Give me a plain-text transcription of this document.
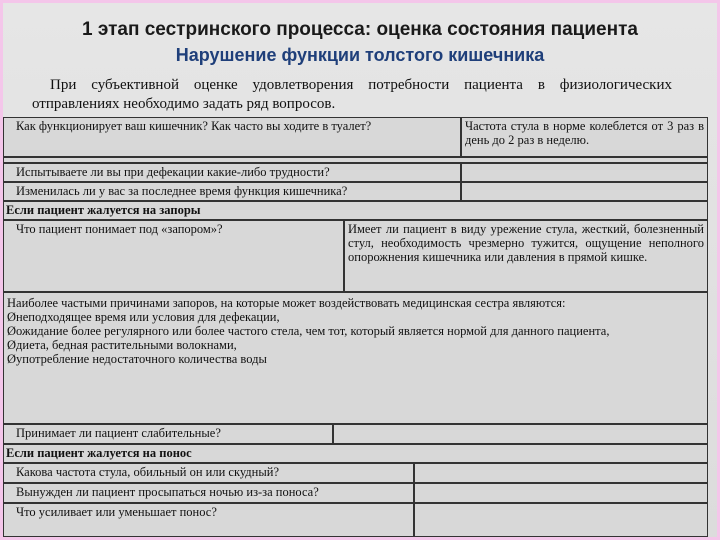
1 этап сестринского процесса: оценка состояния пациента
Нарушение функции толстого кишечника
При субъективной оценке удовлетворения потребности пациента в физиологических отправлениях необходимо задать ряд вопросов.
Как функционирует ваш кишечник? Как часто вы ходите в туалет?	Частота стула в норме колеблется от 3 раз в день до 2 раз в неделю.
Испытываете ли вы при дефекации какие-либо трудности?
Изменилась ли у вас за последнее время функция кишечника?
Если пациент жалуется на запоры
Что пациент понимает под «запором»?	Имеет ли пациент в виду урежение стула, жесткий, болезненный стул, необходимость чрезмерно тужится, ощущение неполного опорожнения кишечника или давления в прямой кишке.
Наиболее частыми причинами запоров, на которые может воздействовать медицинская сестра являются:
Øнеподходящее время или условия для дефекации,
Øожидание более регулярного или более частого стела, чем тот, который является нормой для данного пациента,
Øдиета, бедная растительными волокнами,
Øупотребление недостаточного количества воды
Принимает ли пациент слабительные?
Если пациент жалуется на понос
Какова частота стула, обильный он или скудный?
Вынужден ли пациент просыпаться ночью из-за поноса?
Что усиливает или уменьшает понос?
